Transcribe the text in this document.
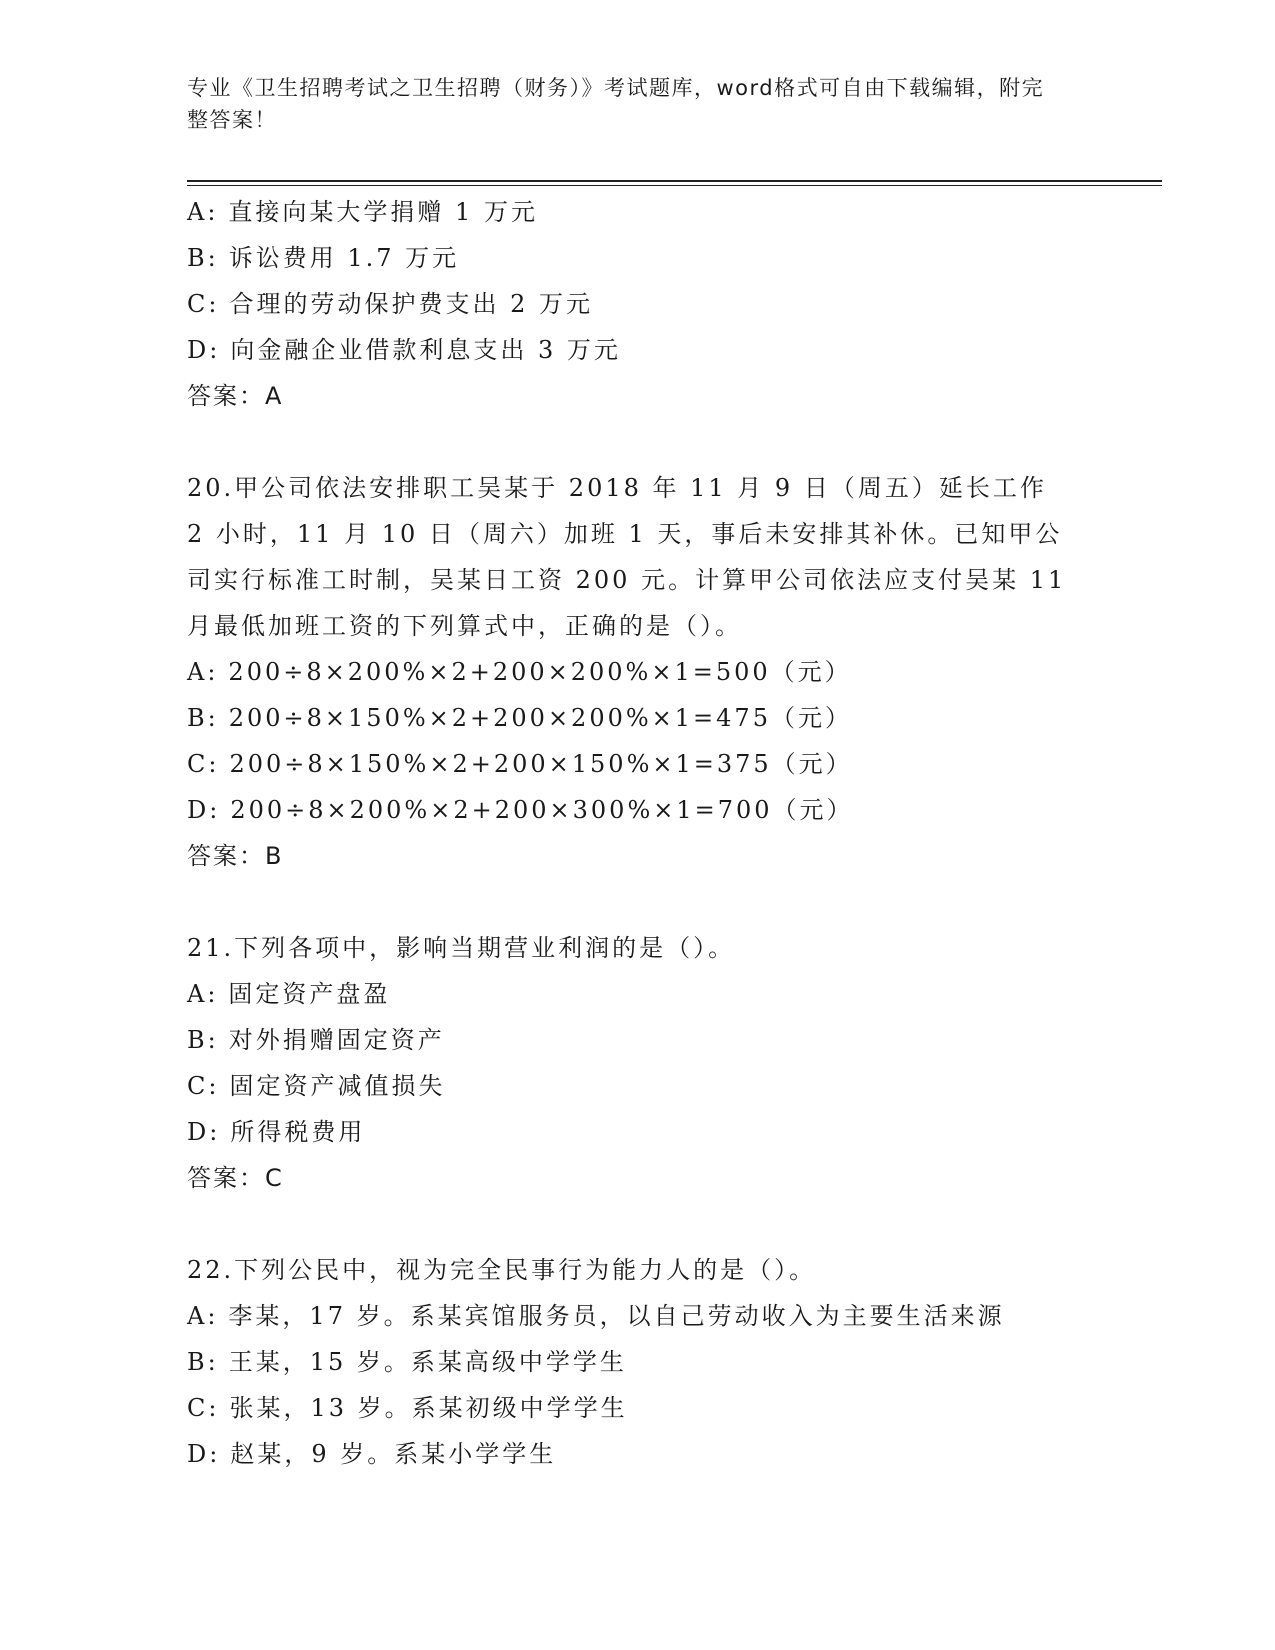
专业《卫生招聘考试之卫生招聘（财务）》考试题库，word格式可自由下载编辑，附完整答案！
A: 直接向某大学捐赠 1 万元
B: 诉讼费用 1.7 万元
C: 合理的劳动保护费支出 2 万元
D: 向金融企业借款利息支出 3 万元
答案：A
20.甲公司依法安排职工吴某于 2018 年 11 月 9 日（周五）延长工作 2 小时，11 月 10 日（周六）加班 1 天，事后未安排其补休。已知甲公司实行标准工时制，吴某日工资 200 元。计算甲公司依法应支付吴某 11 月最低加班工资的下列算式中，正确的是（）。
A: 200÷8×200%×2+200×200%×1=500（元）
B: 200÷8×150%×2+200×200%×1=475（元）
C: 200÷8×150%×2+200×150%×1=375（元）
D: 200÷8×200%×2+200×300%×1=700（元）
答案：B
21.下列各项中，影响当期营业利润的是（）。
A: 固定资产盘盈
B: 对外捐赠固定资产
C: 固定资产减值损失
D: 所得税费用
答案：C
22.下列公民中，视为完全民事行为能力人的是（）。
A: 李某，17 岁。系某宾馆服务员，以自己劳动收入为主要生活来源
B: 王某，15 岁。系某高级中学学生
C: 张某，13 岁。系某初级中学学生
D: 赵某，9 岁。系某小学学生
